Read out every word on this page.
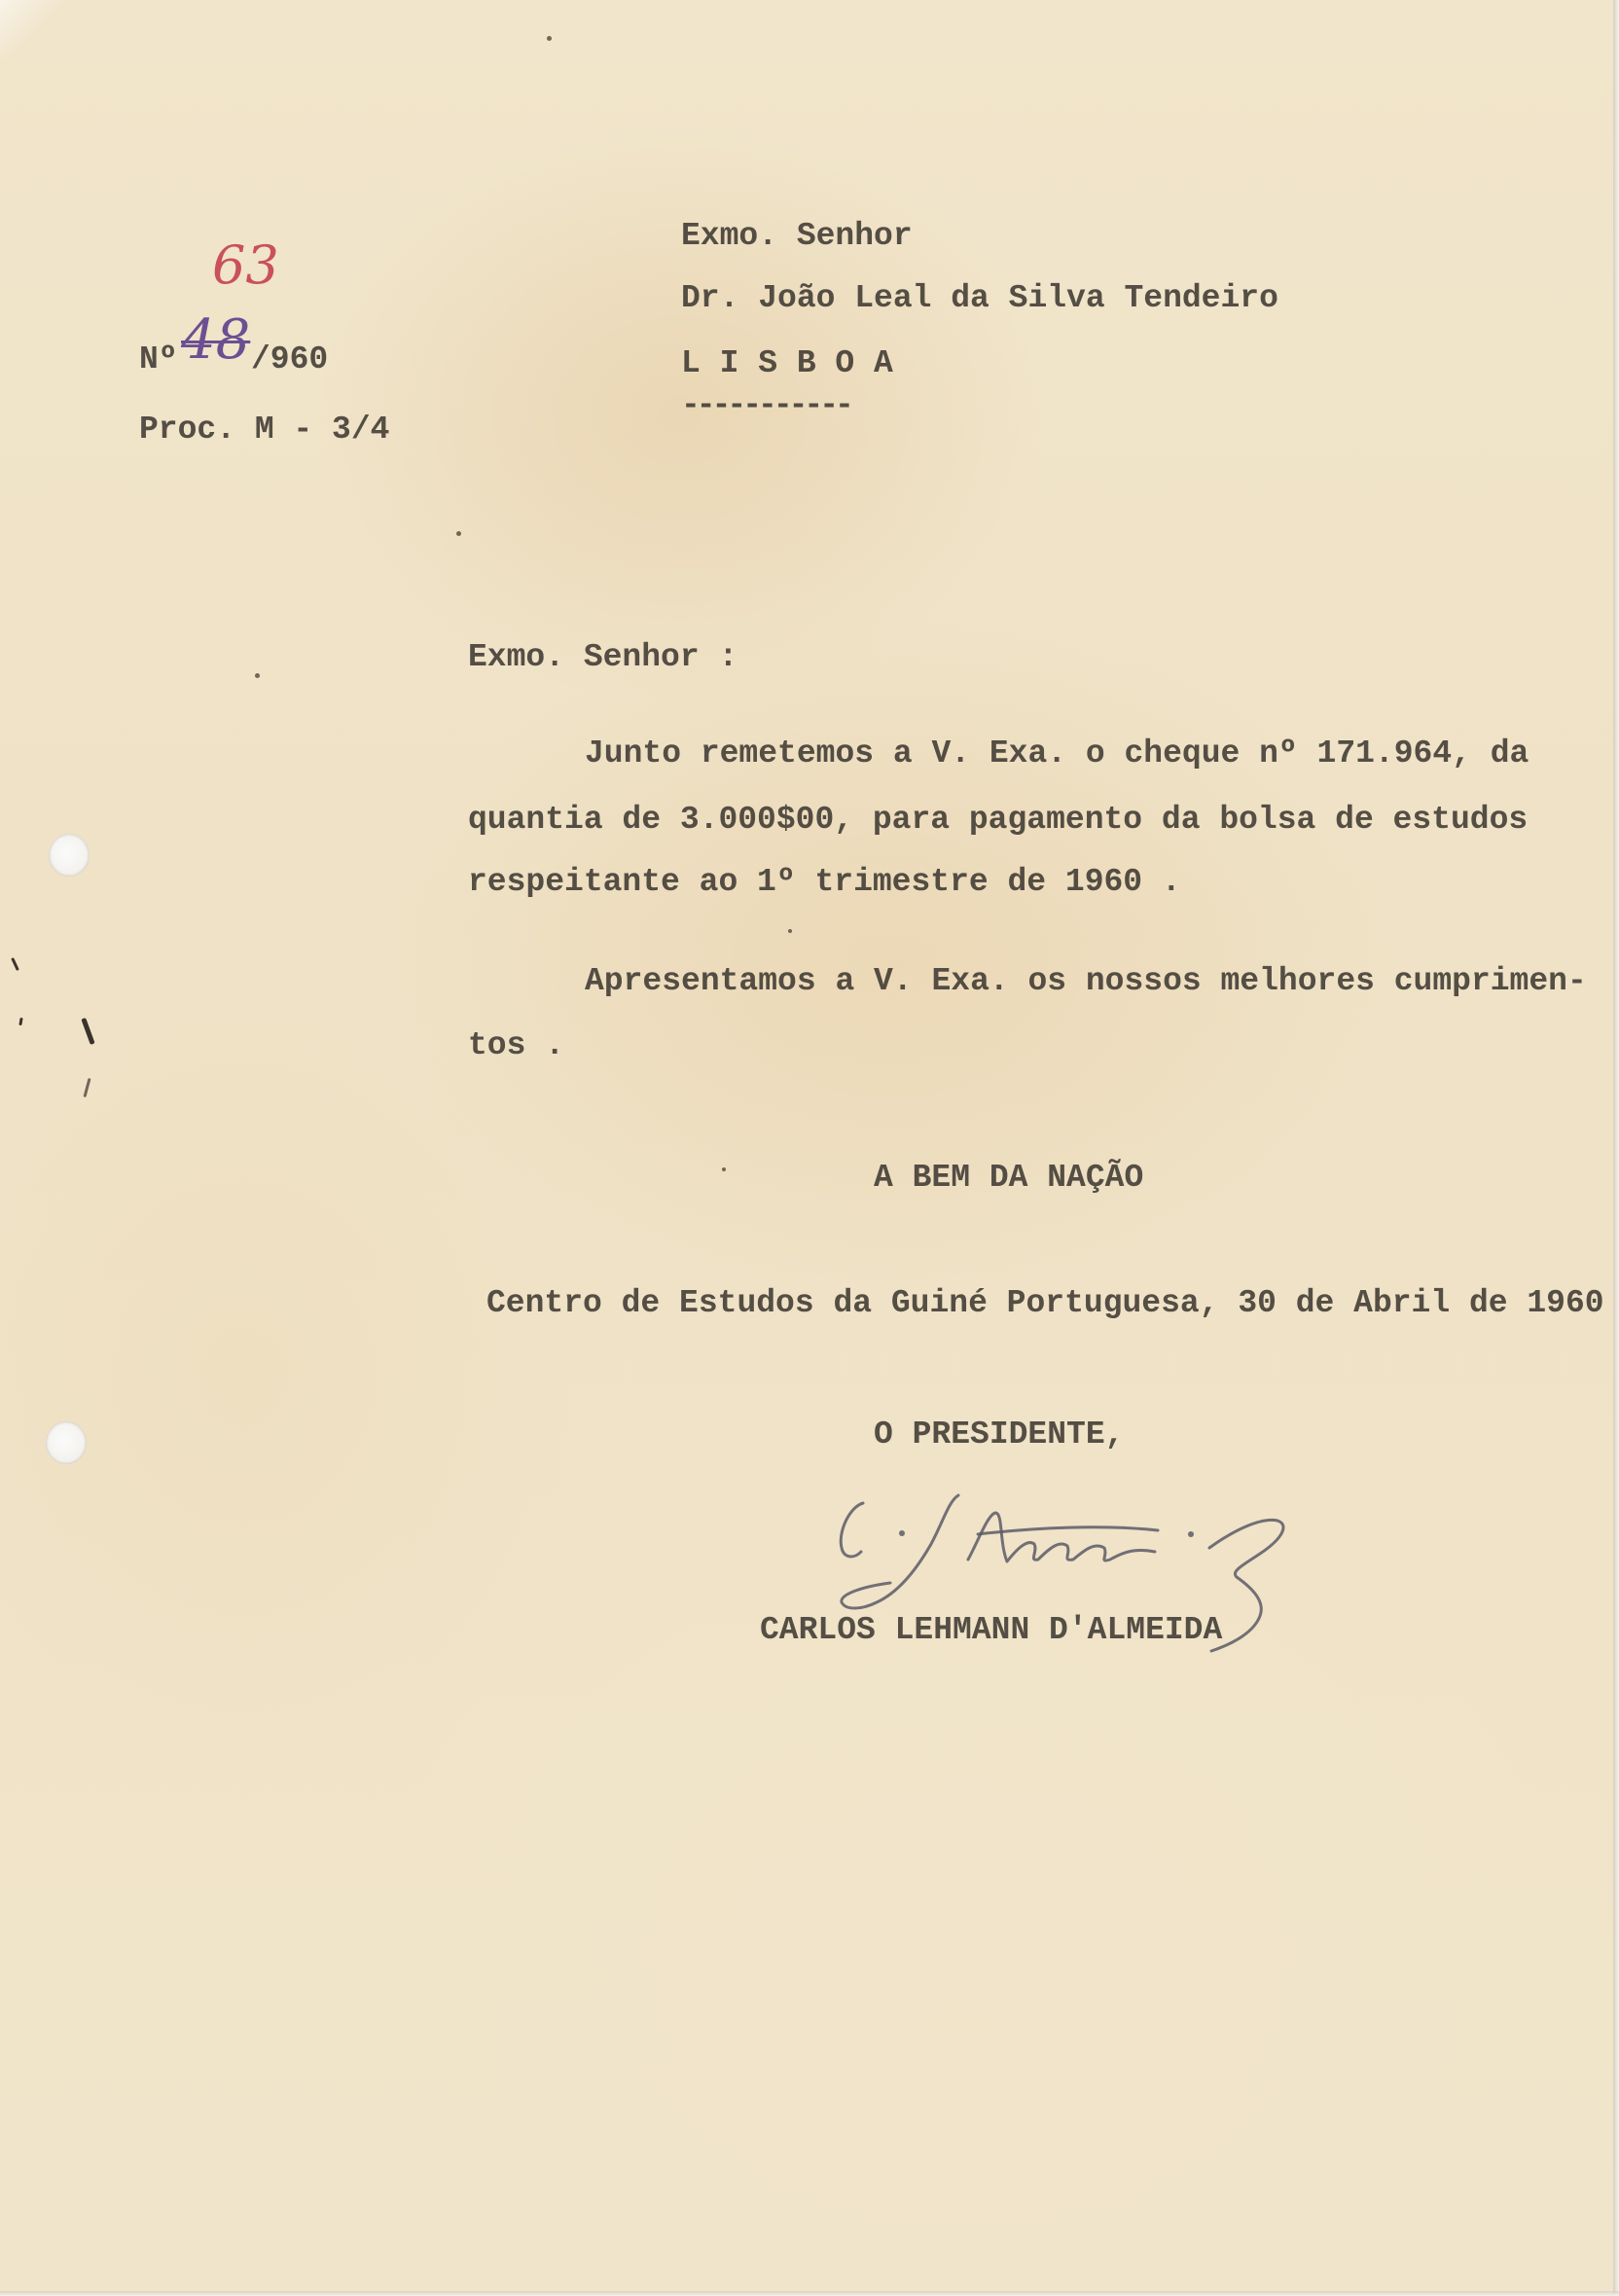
63
Nº 48 /960
Proc. M - 3/4
Exmo. Senhor
Dr. João Leal da Silva Tendeiro
L I S B O A
-----------
Exmo. Senhor :
Junto remetemos a V. Exa. o cheque nº 171.964, da
quantia de 3.000$00, para pagamento da bolsa de estudos
respeitante ao 1º trimestre de 1960 .
Apresentamos a V. Exa. os nossos melhores cumprimen-
tos .
A BEM DA NAÇÃO
Centro de Estudos da Guiné Portuguesa, 30 de Abril de 1960
O PRESIDENTE,
CARLOS LEHMANN D'ALMEIDA
